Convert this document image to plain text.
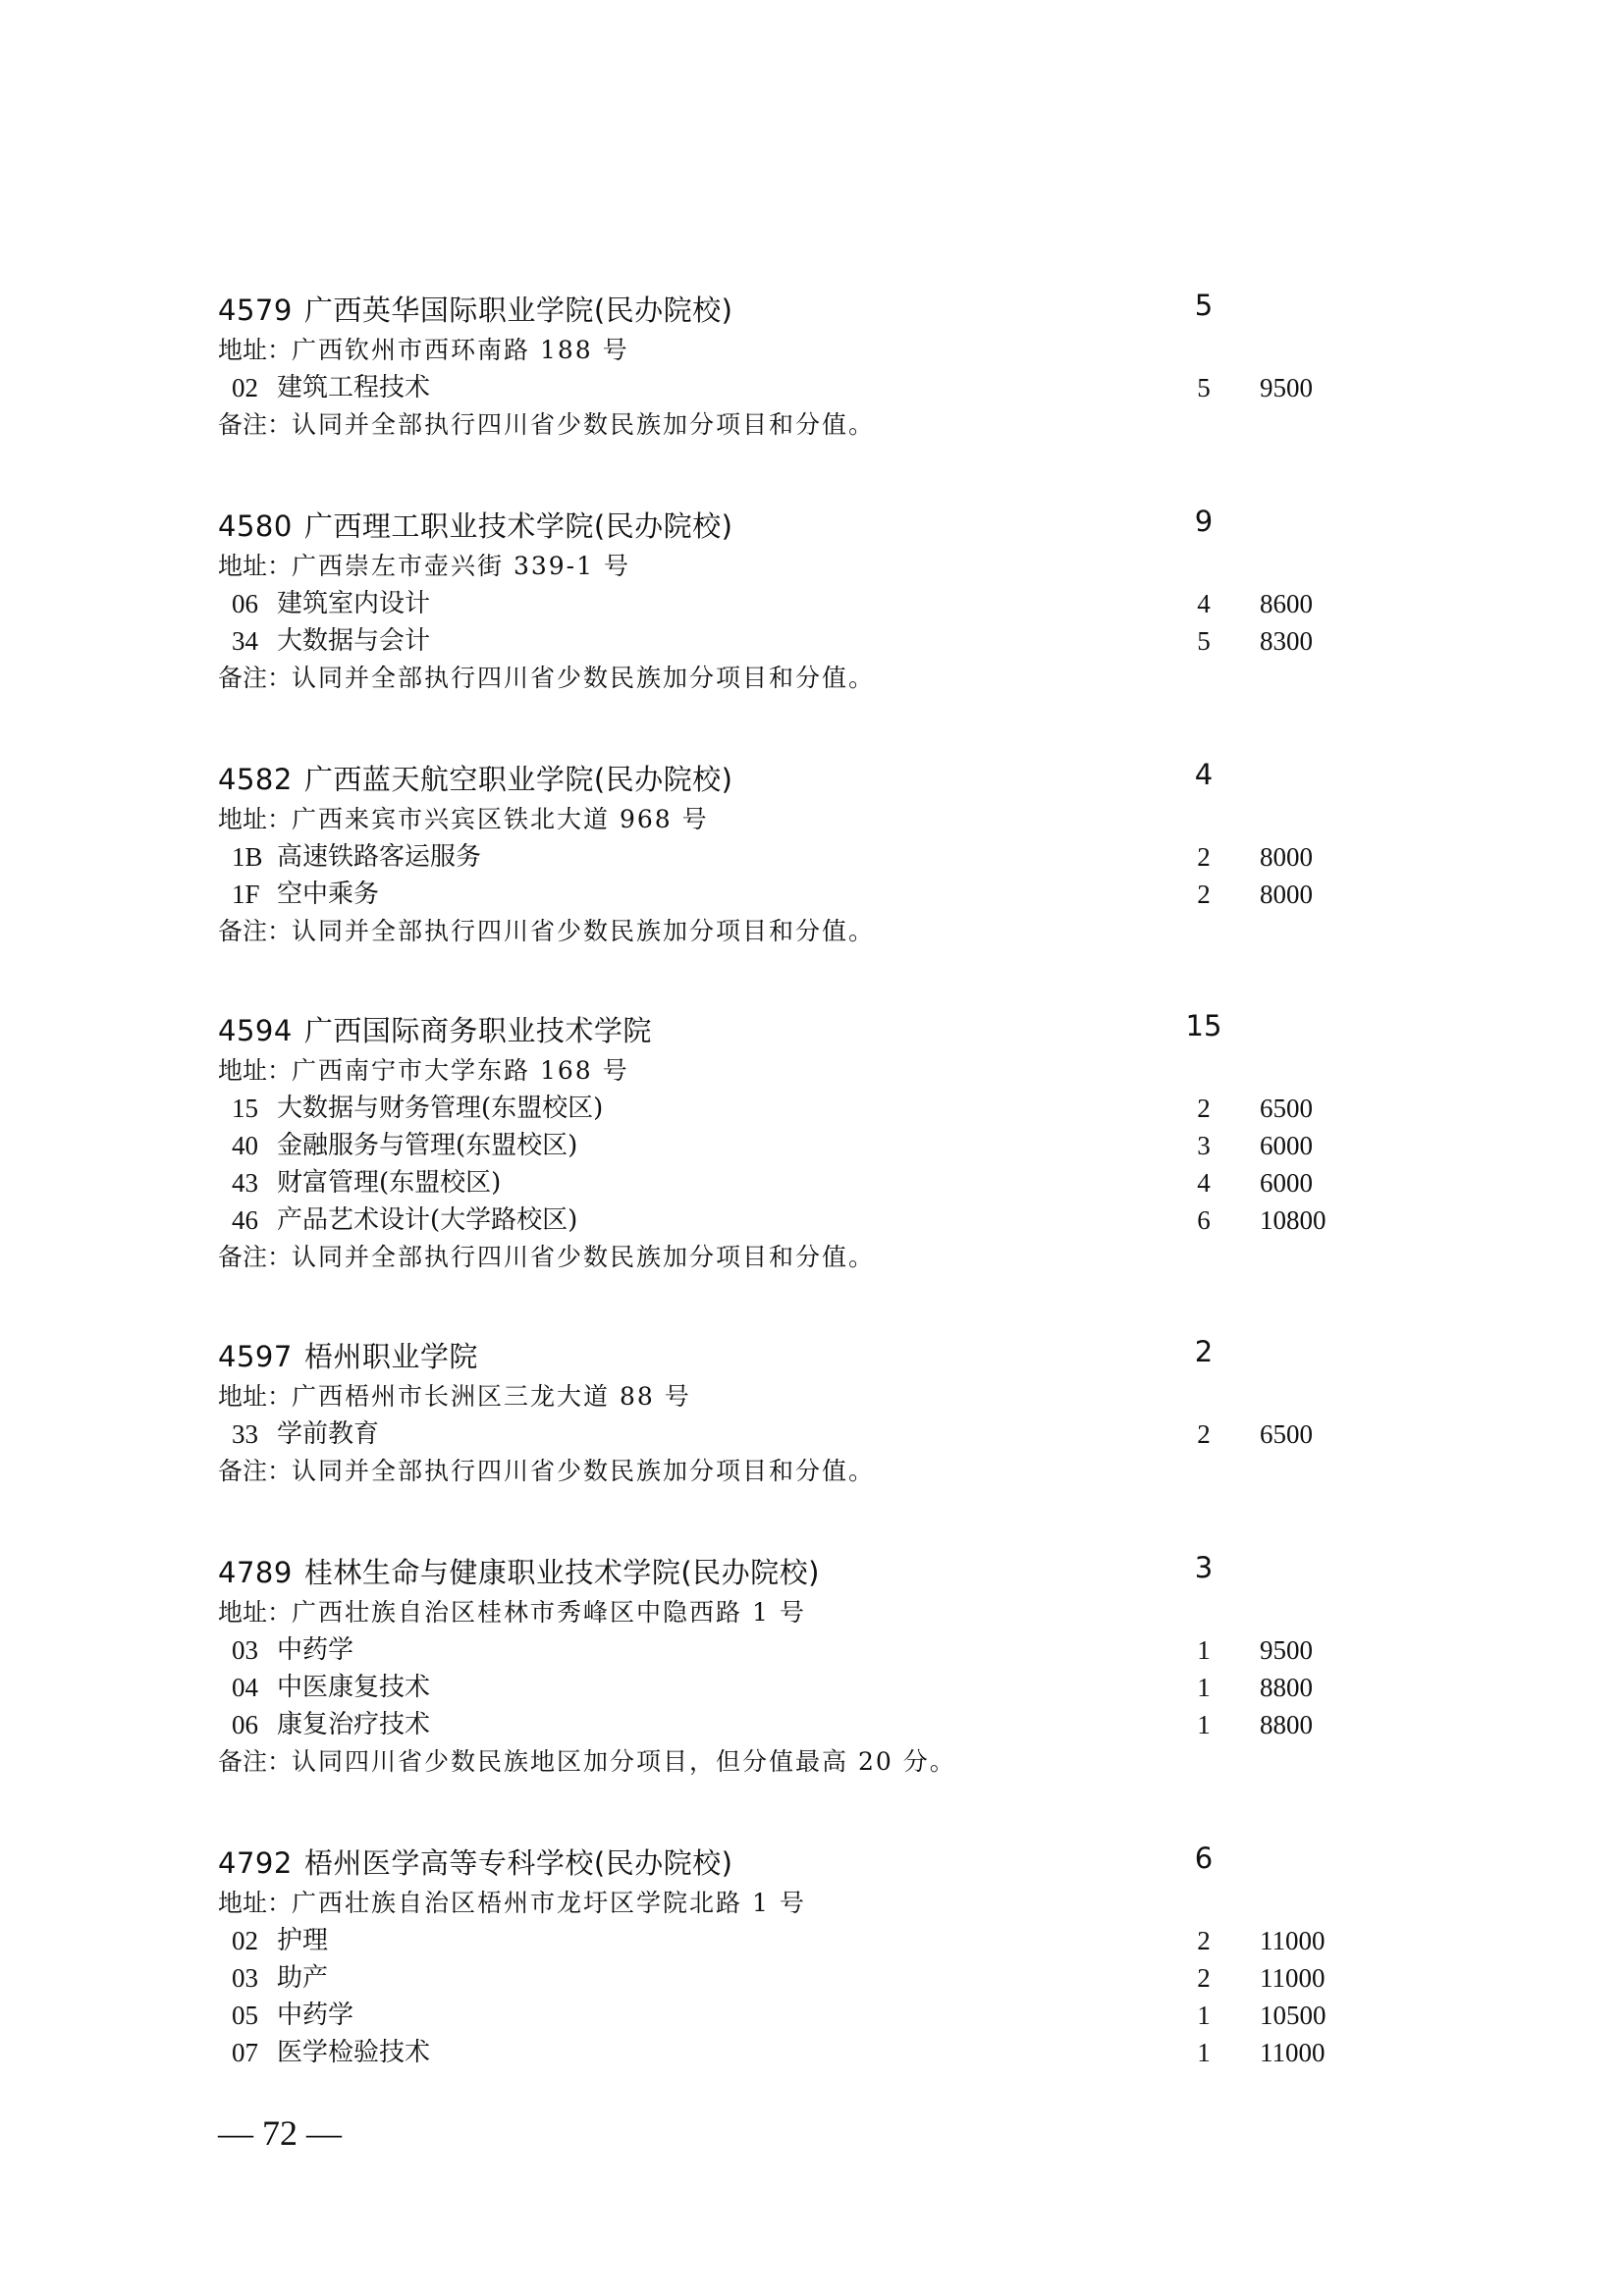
4579 广西英华国际职业学院(民办院校)	5
地址：广西钦州市西环南路 188 号
02 建筑工程技术	5 9500
备注：认同并全部执行四川省少数民族加分项目和分值。
4580 广西理工职业技术学院(民办院校)	9
地址：广西崇左市壶兴街 339-1 号
06 建筑室内设计	4 8600
34 大数据与会计	5 8300
备注：认同并全部执行四川省少数民族加分项目和分值。
4582 广西蓝天航空职业学院(民办院校)	4
地址：广西来宾市兴宾区铁北大道 968 号
1B 高速铁路客运服务	2 8000
1F 空中乘务	2 8000
备注：认同并全部执行四川省少数民族加分项目和分值。
4594 广西国际商务职业技术学院	15
地址：广西南宁市大学东路 168 号
15 大数据与财务管理(东盟校区)	2 6500
40 金融服务与管理(东盟校区)	3 6000
43 财富管理(东盟校区)	4 6000
46 产品艺术设计(大学路校区)	6 10800
备注：认同并全部执行四川省少数民族加分项目和分值。
4597 梧州职业学院	2
地址：广西梧州市长洲区三龙大道 88 号
33 学前教育	2 6500
备注：认同并全部执行四川省少数民族加分项目和分值。
4789 桂林生命与健康职业技术学院(民办院校)	3
地址：广西壮族自治区桂林市秀峰区中隐西路 1 号
03 中药学	1 9500
04 中医康复技术	1 8800
06 康复治疗技术	1 8800
备注：认同四川省少数民族地区加分项目，但分值最高 20 分。
4792 梧州医学高等专科学校(民办院校)	6
地址：广西壮族自治区梧州市龙圩区学院北路 1 号
02 护理	2 11000
03 助产	2 11000
05 中药学	1 10500
07 医学检验技术	1 11000
— 72 —
